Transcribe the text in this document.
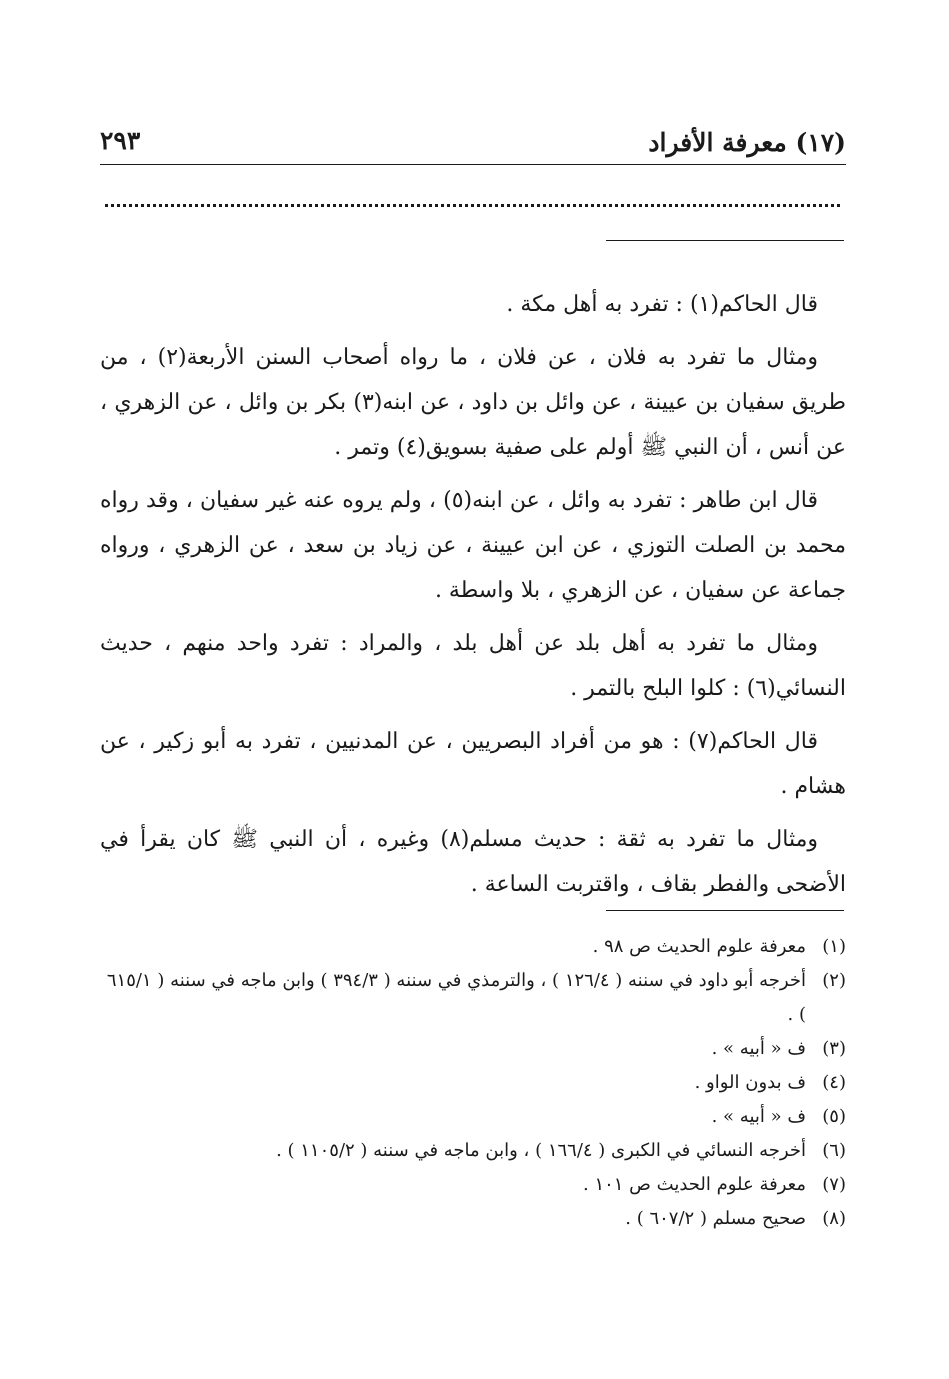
(١٧) معرفة الأفراد
٢٩٣

قال الحاكم(١) : تفرد به أهل مكة .

ومثال ما تفرد به فلان ، عن فلان ، ما رواه أصحاب السنن الأربعة(٢) ، من طريق سفيان بن عيينة ، عن وائل بن داود ، عن ابنه(٣) بكر بن وائل ، عن الزهري ، عن أنس ، أن النبي ﷺ أولم على صفية بسويق(٤) وتمر .

قال ابن طاهر : تفرد به وائل ، عن ابنه(٥) ، ولم يروه عنه غير سفيان ، وقد رواه محمد بن الصلت التوزي ، عن ابن عيينة ، عن زياد بن سعد ، عن الزهري ، ورواه جماعة عن سفيان ، عن الزهري ، بلا واسطة .

ومثال ما تفرد به أهل بلد عن أهل بلد ، والمراد : تفرد واحد منهم ، حديث النسائي(٦) : كلوا البلح بالتمر .

قال الحاكم(٧) : هو من أفراد البصريين ، عن المدنيين ، تفرد به أبو زكير ، عن هشام .

ومثال ما تفرد به ثقة : حديث مسلم(٨) وغيره ، أن النبي ﷺ كان يقرأ في الأضحى والفطر بقاف ، واقتربت الساعة .

(١)
معرفة علوم الحديث ص ٩٨ .
(٢)
أخرجه أبو داود في سننه ( ١٢٦/٤ ) ، والترمذي في سننه ( ٣٩٤/٣ ) وابن ماجه في سننه ( ٦١٥/١ ) .
(٣)
ف « أبيه » .
(٤)
ف بدون الواو .
(٥)
ف « أبيه » .
(٦)
أخرجه النسائي في الكبرى ( ١٦٦/٤ ) ، وابن ماجه في سننه ( ١١٠٥/٢ ) .
(٧)
معرفة علوم الحديث ص ١٠١ .
(٨)
صحيح مسلم ( ٦٠٧/٢ ) .
